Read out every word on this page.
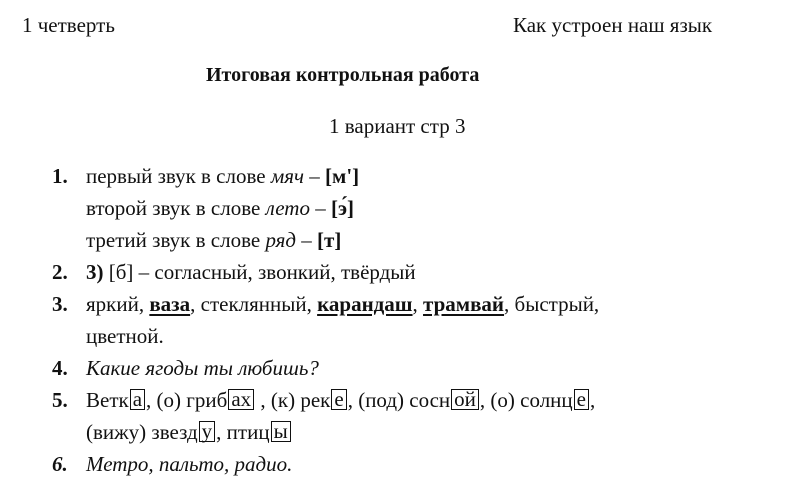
1 четверть	Как устроен наш язык
Итоговая контрольная работа
1 вариант стр 3
1. первый звук в слове мяч – [м']
второй звук в слове лето – [э́]
третий звук в слове ряд – [т]
2. 3) [б] – согласный, звонкий, твёрдый
3. яркий, ваза, стеклянный, карандаш, трамвай, быстрый,
цветной.
4. Какие ягоды ты любишь?
5. Ветк а , (о) гриб ах , (к) рек е , (под) сосн ой , (о) солнц е ,
(вижу) звезд у , птиц ы
6. Метро, пальто, радио.
